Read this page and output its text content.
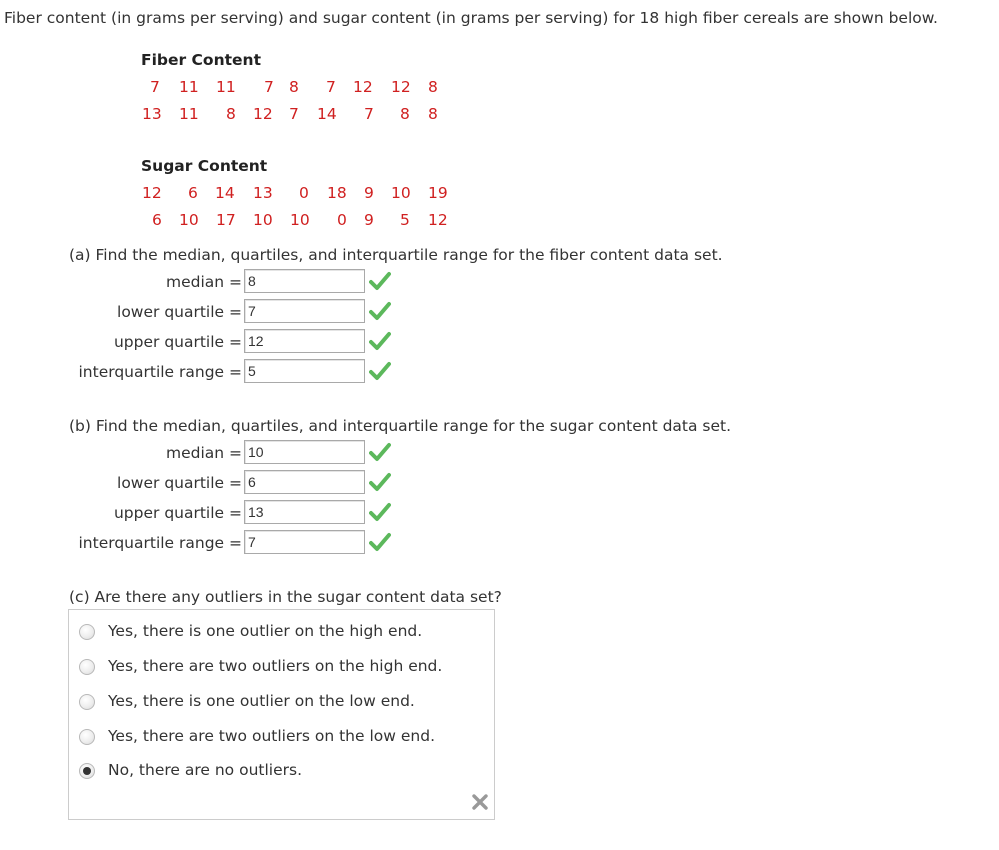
Fiber content (in grams per serving) and sugar content (in grams per serving) for 18 high fiber cereals are shown below.
Fiber Content
7 11 11 7 8 7 12 12 8
13 11 8 12 7 14 7 8 8
Sugar Content
12 6 14 13 0 18 9 10 19
6 10 17 10 10 0 9 5 12
(a) Find the median, quartiles, and interquartile range for the fiber content data set.
median =
8
lower quartile =
7
upper quartile =
12
interquartile range =
5
(b) Find the median, quartiles, and interquartile range for the sugar content data set.
median =
10
lower quartile =
6
upper quartile =
13
interquartile range =
7
(c) Are there any outliers in the sugar content data set?
Yes, there is one outlier on the high end.
Yes, there are two outliers on the high end.
Yes, there is one outlier on the low end.
Yes, there are two outliers on the low end.
No, there are no outliers.
